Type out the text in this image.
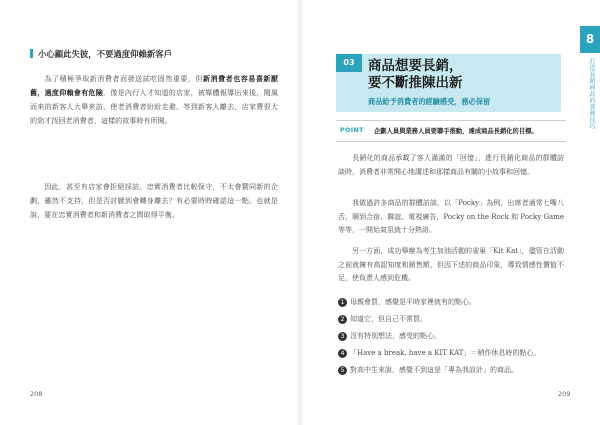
小心顧此失彼，不要過度仰賴新客戶
為了積極爭取新消費者而發送試吃固然重要，但新消費者也容易喜新厭舊，過度仰賴會有危險。像是內行人才知道的店家，被媒體報導出來後，閱風而來的新客人大舉來訪，使老消費者紛紛走避。等到新客人離去，店家費很大的勁才找回老消費者，這樣的故事時有所聞。
因此，甚至有店家會拒絕採訪。忠實消費者比較保守，不太會贊同新的企劃，雖然不支持，但是否討厭到會轉身離去？有必要時時確認這一點。也就是說，要在忠實消費者和新消費者之間取得平衡。
208
03 商品想要長銷，
要不斷推陳出新
商品給予消費者的經驗感受，務必保留
POINT 企劃人員與業務人員要聯手推動，達成商品長銷化的目標。
長銷化的商品承載了客人滿滿的「回憶」，進行長銷化商品的群體訪談時，消費者非常開心地講述和那樣商品有關的小故事和回憶。
我做過許多商品的群體訪談，以「Pocky」為例，出席者通常七嘴八舌，聊到合宿、聯誼、電視廣告，Pocky on the Rock 和 Pocky Game 等等，一開始氣氛就十分熱絡。
另一方面，成功舉辦為考生加油活動的雀巢「Kit Kat」，儘管在活動之前就擁有高認知度和銷售額，但因下述的商品印象，導致情感性價值不足，使負責人感到危機。
1 母親會買，感覺是平時家裡就有的點心。
2 知道它，但自己不常買。
3 沒有特別想法，感受的點心。
4 「Have a break, have a KIT KAT」＝稍作休息時的點心。
5 對高中生來說，感覺不到這是「專為我設計」的商品。
209
8
打造長銷商品的實務技巧
